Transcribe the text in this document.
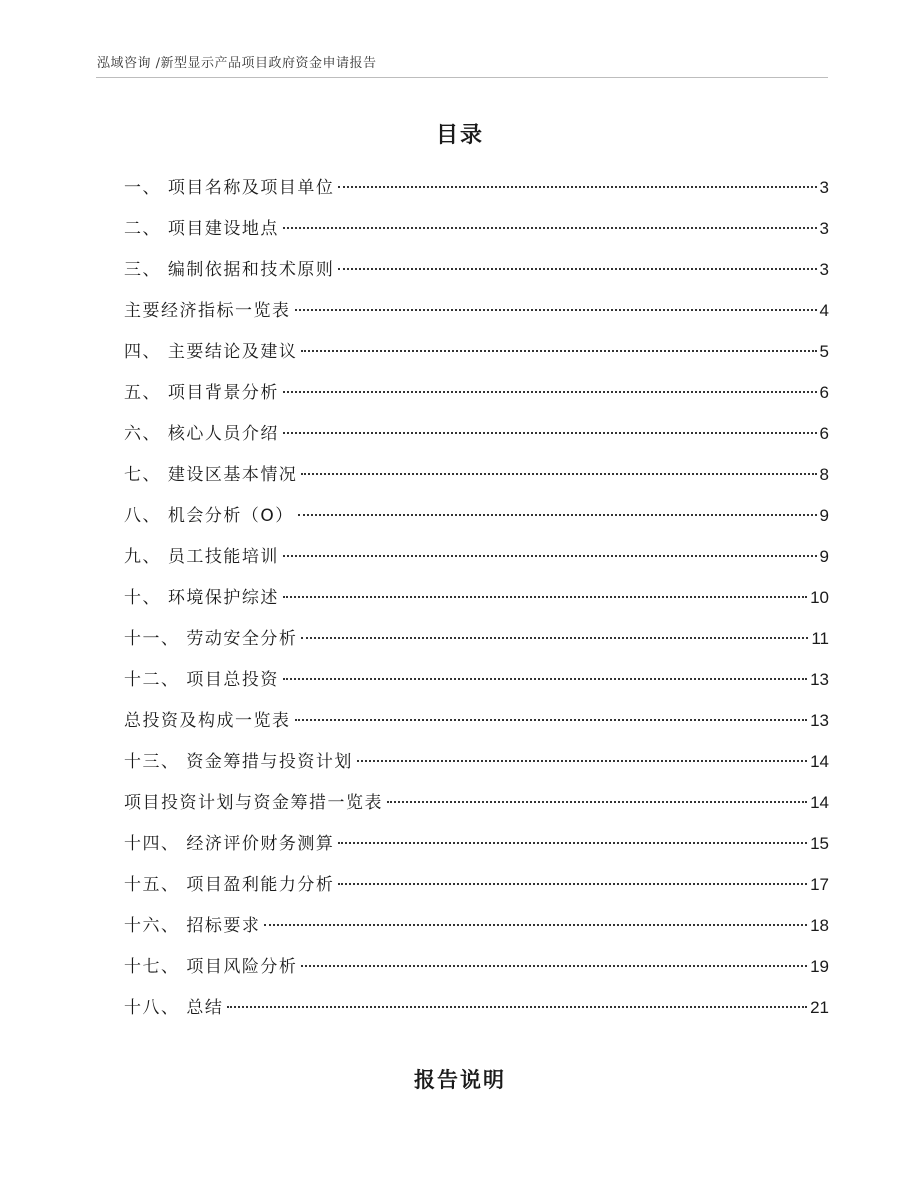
泓域咨询 /新型显示产品项目政府资金申请报告
目录
一、 项目名称及项目单位	3
二、 项目建设地点	3
三、 编制依据和技术原则	3
主要经济指标一览表	4
四、 主要结论及建议	5
五、 项目背景分析	6
六、 核心人员介绍	6
七、 建设区基本情况	8
八、 机会分析（O）	9
九、 员工技能培训	9
十、 环境保护综述	10
十一、 劳动安全分析	11
十二、 项目总投资	13
总投资及构成一览表	13
十三、 资金筹措与投资计划	14
项目投资计划与资金筹措一览表	14
十四、 经济评价财务测算	15
十五、 项目盈利能力分析	17
十六、 招标要求	18
十七、 项目风险分析	19
十八、 总结	21
报告说明
